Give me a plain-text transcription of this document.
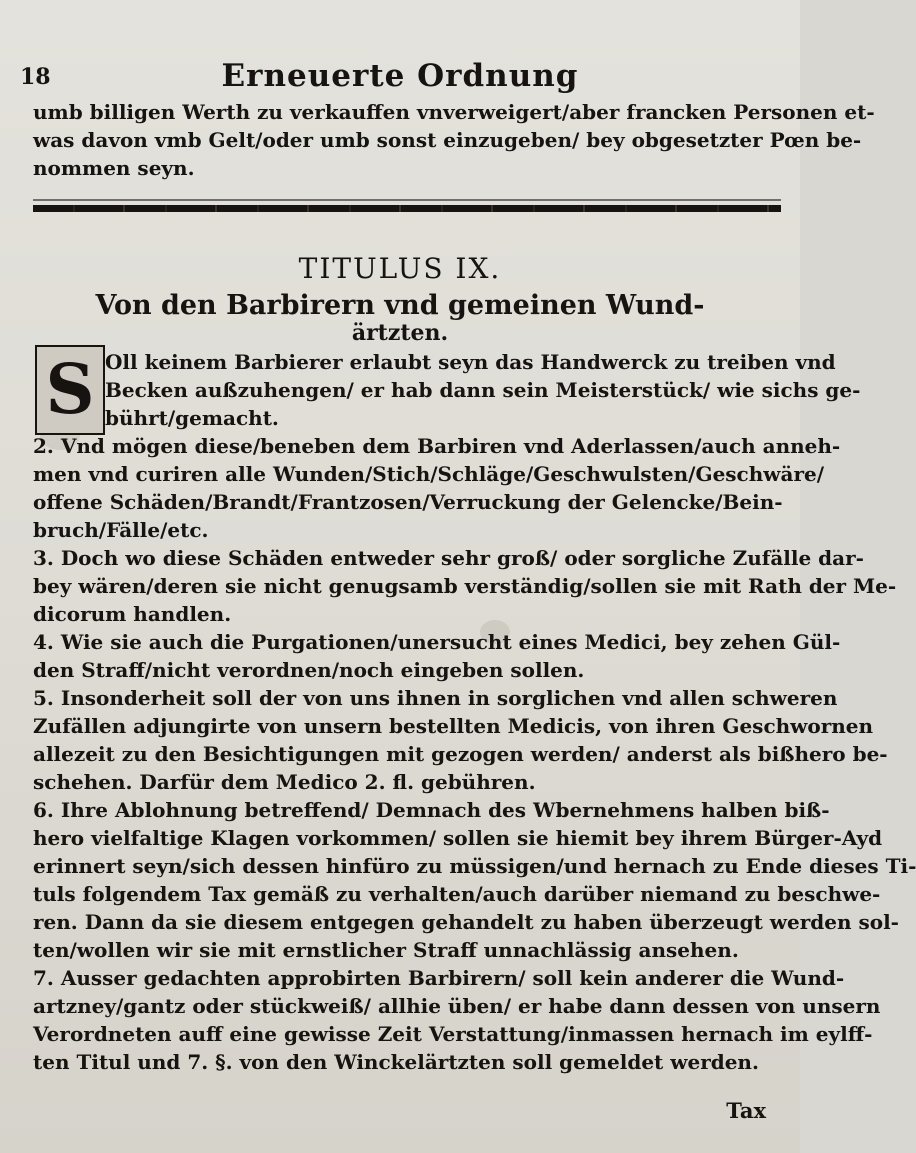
18	Erneuerte Ordnung
umb billigen Werth zu verkauffen vnverweigert/aber francken Personen et-
was davon vmb Gelt/oder umb sonst einzugeben/ bey obgesetzter Pœn be-
nommen seyn.
TITULUS IX.
Von den Barbirern vnd gemeinen Wund-
ärtzten.
S Oll keinem Barbierer erlaubt seyn das Handwerck zu treiben vnd
Becken außzuhengen/ er hab dann sein Meisterstück/ wie sichs ge-
bührt/gemacht.
2. Vnd mögen diese/beneben dem Barbiren vnd Aderlassen/auch anneh-
men vnd curiren alle Wunden/Stich/Schläge/Geschwulsten/Geschwäre/
offene Schäden/Brandt/Frantzosen/Verruckung der Gelencke/Bein-
bruch/Fälle/etc.
3. Doch wo diese Schäden entweder sehr groß/ oder sorgliche Zufälle dar-
bey wären/deren sie nicht genugsamb verständig/sollen sie mit Rath der Me-
dicorum handlen.
4. Wie sie auch die Purgationen/unersucht eines Medici, bey zehen Gül-
den Straff/nicht verordnen/noch eingeben sollen.
5. Insonderheit soll der von uns ihnen in sorglichen vnd allen schweren
Zufällen adjungirte von unsern bestellten Medicis, von ihren Geschwornen
allezeit zu den Besichtigungen mit gezogen werden/ anderst als bißhero be-
schehen. Darfür dem Medico 2. fl. gebühren.
6. Ihre Ablohnung betreffend/ Demnach des Wbernehmens halben biß-
hero vielfaltige Klagen vorkommen/ sollen sie hiemit bey ihrem Bürger-Ayd
erinnert seyn/sich dessen hinfüro zu müssigen/und hernach zu Ende dieses Ti-
tuls folgendem Tax gemäß zu verhalten/auch darüber niemand zu beschwe-
ren. Dann da sie diesem entgegen gehandelt zu haben überzeugt werden sol-
ten/wollen wir sie mit ernstlicher Straff unnachlässig ansehen.
7. Ausser gedachten approbirten Barbirern/ soll kein anderer die Wund-
artzney/gantz oder stückweiß/ allhie üben/ er habe dann dessen von unsern
Verordneten auff eine gewisse Zeit Verstattung/inmassen hernach im eylff-
ten Titul und 7. §. von den Winckelärtzten soll gemeldet werden.
Tax
